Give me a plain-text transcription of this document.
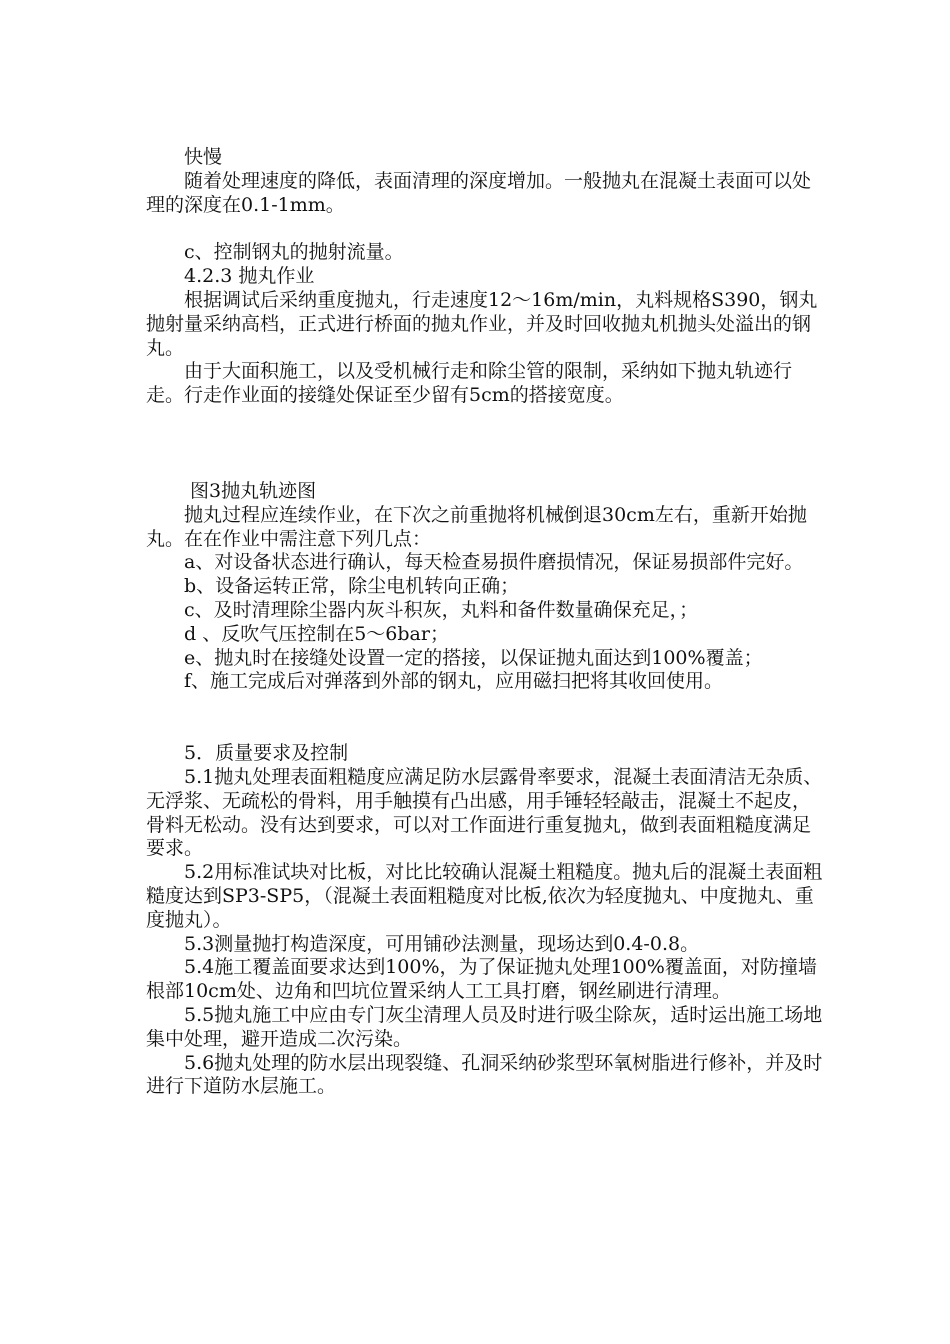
　　快慢

　　随着处理速度的降低，表面清理的深度增加。一般抛丸在混凝土表面可以处理的深度在0.1-1mm。

　　c、控制钢丸的抛射流量。

　　4.2.3 抛丸作业

　　根据调试后采纳重度抛丸，行走速度12～16m/min，丸料规格S390，钢丸抛射量采纳高档，正式进行桥面的抛丸作业，并及时回收抛丸机抛头处溢出的钢丸。

　　由于大面积施工，以及受机械行走和除尘管的限制，采纳如下抛丸轨迹行走。行走作业面的接缝处保证至少留有5cm的搭接宽度。

　　 图3抛丸轨迹图

　　抛丸过程应连续作业，在下次之前重抛将机械倒退30cm左右，重新开始抛丸。在在作业中需注意下列几点：

　　a、对设备状态进行确认，每天检查易损件磨损情况，保证易损部件完好。

　　b、设备运转正常，除尘电机转向正确；

　　c、及时清理除尘器内灰斗积灰，丸料和备件数量确保充足，；

　　d 、反吹气压控制在5～6bar；

　　e、抛丸时在接缝处设置一定的搭接，以保证抛丸面达到100%覆盖；

　　f、施工完成后对弹落到外部的钢丸，应用磁扫把将其收回使用。

　　5．质量要求及控制

　　5.1抛丸处理表面粗糙度应满足防水层露骨率要求，混凝土表面清洁无杂质、无浮浆、无疏松的骨料，用手触摸有凸出感，用手锤轻轻敲击，混凝土不起皮，骨料无松动。没有达到要求，可以对工作面进行重复抛丸，做到表面粗糙度满足要求。

　　5.2用标准试块对比板，对比比较确认混凝土粗糙度。抛丸后的混凝土表面粗糙度达到SP3-SP5，（混凝土表面粗糙度对比板,依次为轻度抛丸、中度抛丸、重度抛丸）。

　　5.3测量抛打构造深度，可用铺砂法测量，现场达到0.4-0.8。

　　5.4施工覆盖面要求达到100%，为了保证抛丸处理100%覆盖面，对防撞墙根部10cm处、边角和凹坑位置采纳人工工具打磨，钢丝刷进行清理。

　　5.5抛丸施工中应由专门灰尘清理人员及时进行吸尘除灰，适时运出施工场地集中处理，避开造成二次污染。

　　5.6抛丸处理的防水层出现裂缝、孔洞采纳砂浆型环氧树脂进行修补，并及时进行下道防水层施工。
